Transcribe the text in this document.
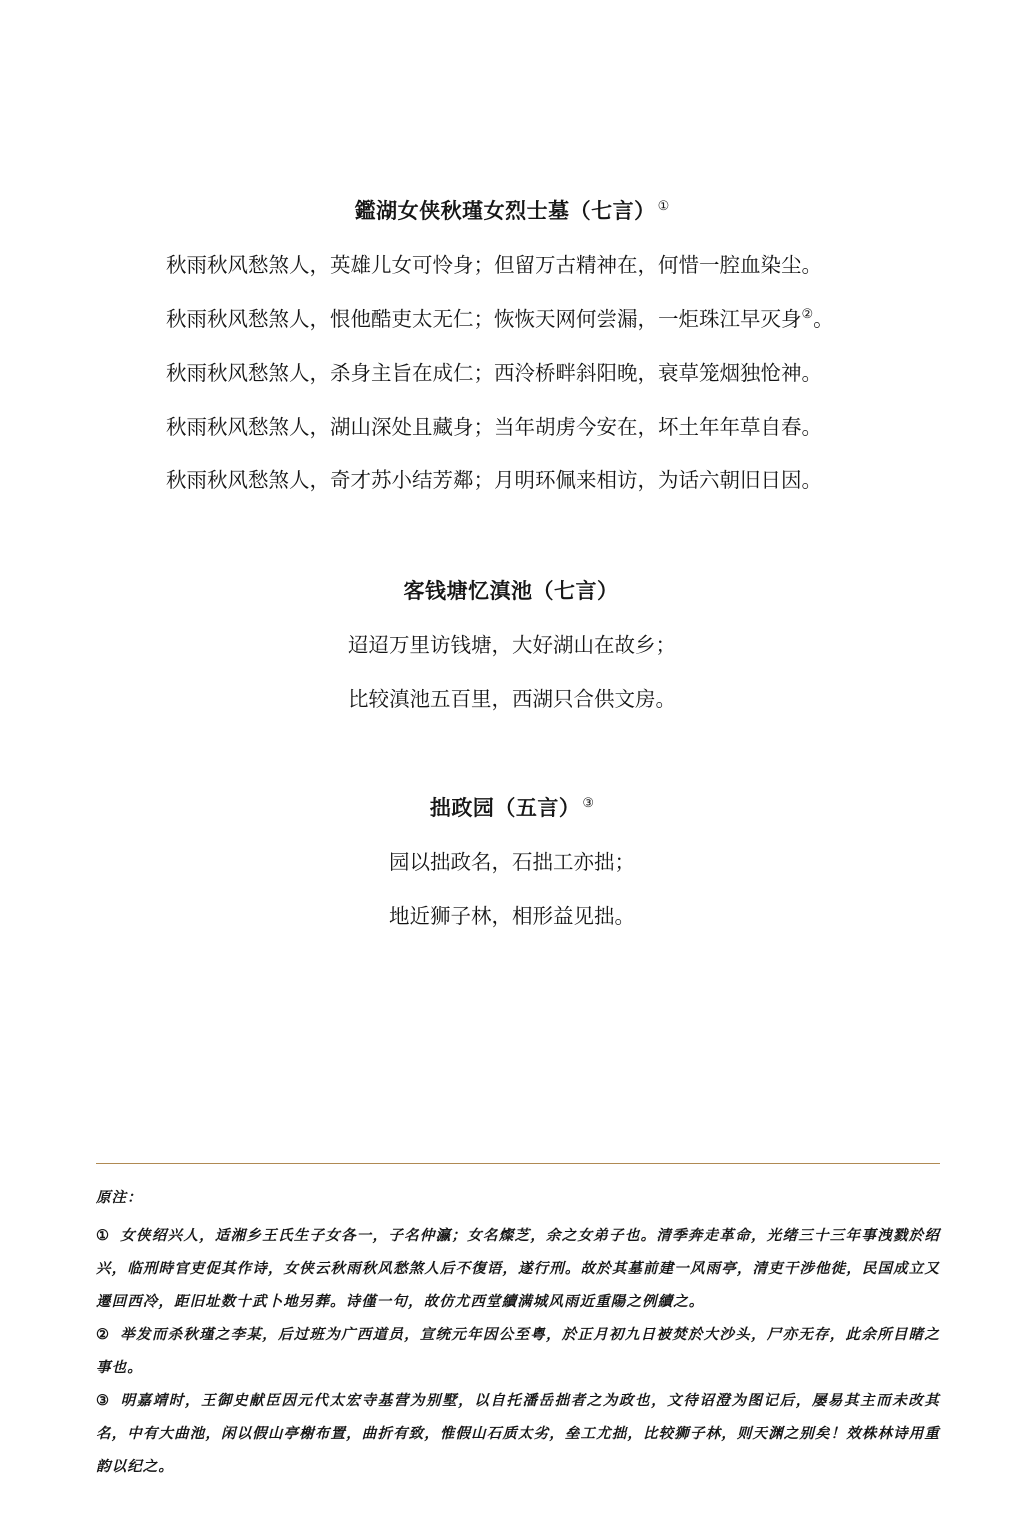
鑑湖女侠秋瑾女烈士墓（七言） ①
秋雨秋风愁煞人，英雄儿女可怜身；但留万古精神在，何惜一腔血染尘。
秋雨秋风愁煞人，恨他酷吏太无仁；恢恢天网何尝漏，一炬珠江早灭身②。
秋雨秋风愁煞人，杀身主旨在成仁；西泠桥畔斜阳晚，衰草笼烟独怆神。
秋雨秋风愁煞人，湖山深处且藏身；当年胡虏今安在，坏土年年草自春。
秋雨秋风愁煞人，奇才苏小结芳鄰；月明环佩来相访，为话六朝旧日因。
客钱塘忆滇池（七言）
迢迢万里访钱塘，大好湖山在故乡；
比较滇池五百里，西湖只合供文房。
拙政园（五言） ③
园以拙政名，石拙工亦拙；
地近狮子林，相形益见拙。
原注：

① 女侠绍兴人，适湘乡王氏生子女各一，子名仲瀛；女名燦芝，余之女弟子也。清季奔走革命，光绪三十三年事洩戮於绍兴，临刑時官吏促其作诗，女侠云秋雨秋风愁煞人后不復语，遂行刑。故於其墓前建一风雨亭，清吏干涉他徙，民国成立又遷回西冷，距旧址数十武卜地另葬。诗僅一句，故仿尤西堂續满城风雨近重陽之例續之。

② 举发而杀秋瑾之李某，后过班为广西道员，宣统元年因公至粤，於正月初九日被焚於大沙头，尸亦无存，此余所目睹之事也。

③ 明嘉靖时，王御史献臣因元代太宏寺基营为别墅，以自托潘岳拙者之为政也，文待诏澄为图记后，屡易其主而未改其名，中有大曲池，闲以假山亭榭布置，曲折有致，惟假山石质太劣，垒工尤拙，比较狮子林，则天渊之别矣！效株林诗用重韵以纪之。
